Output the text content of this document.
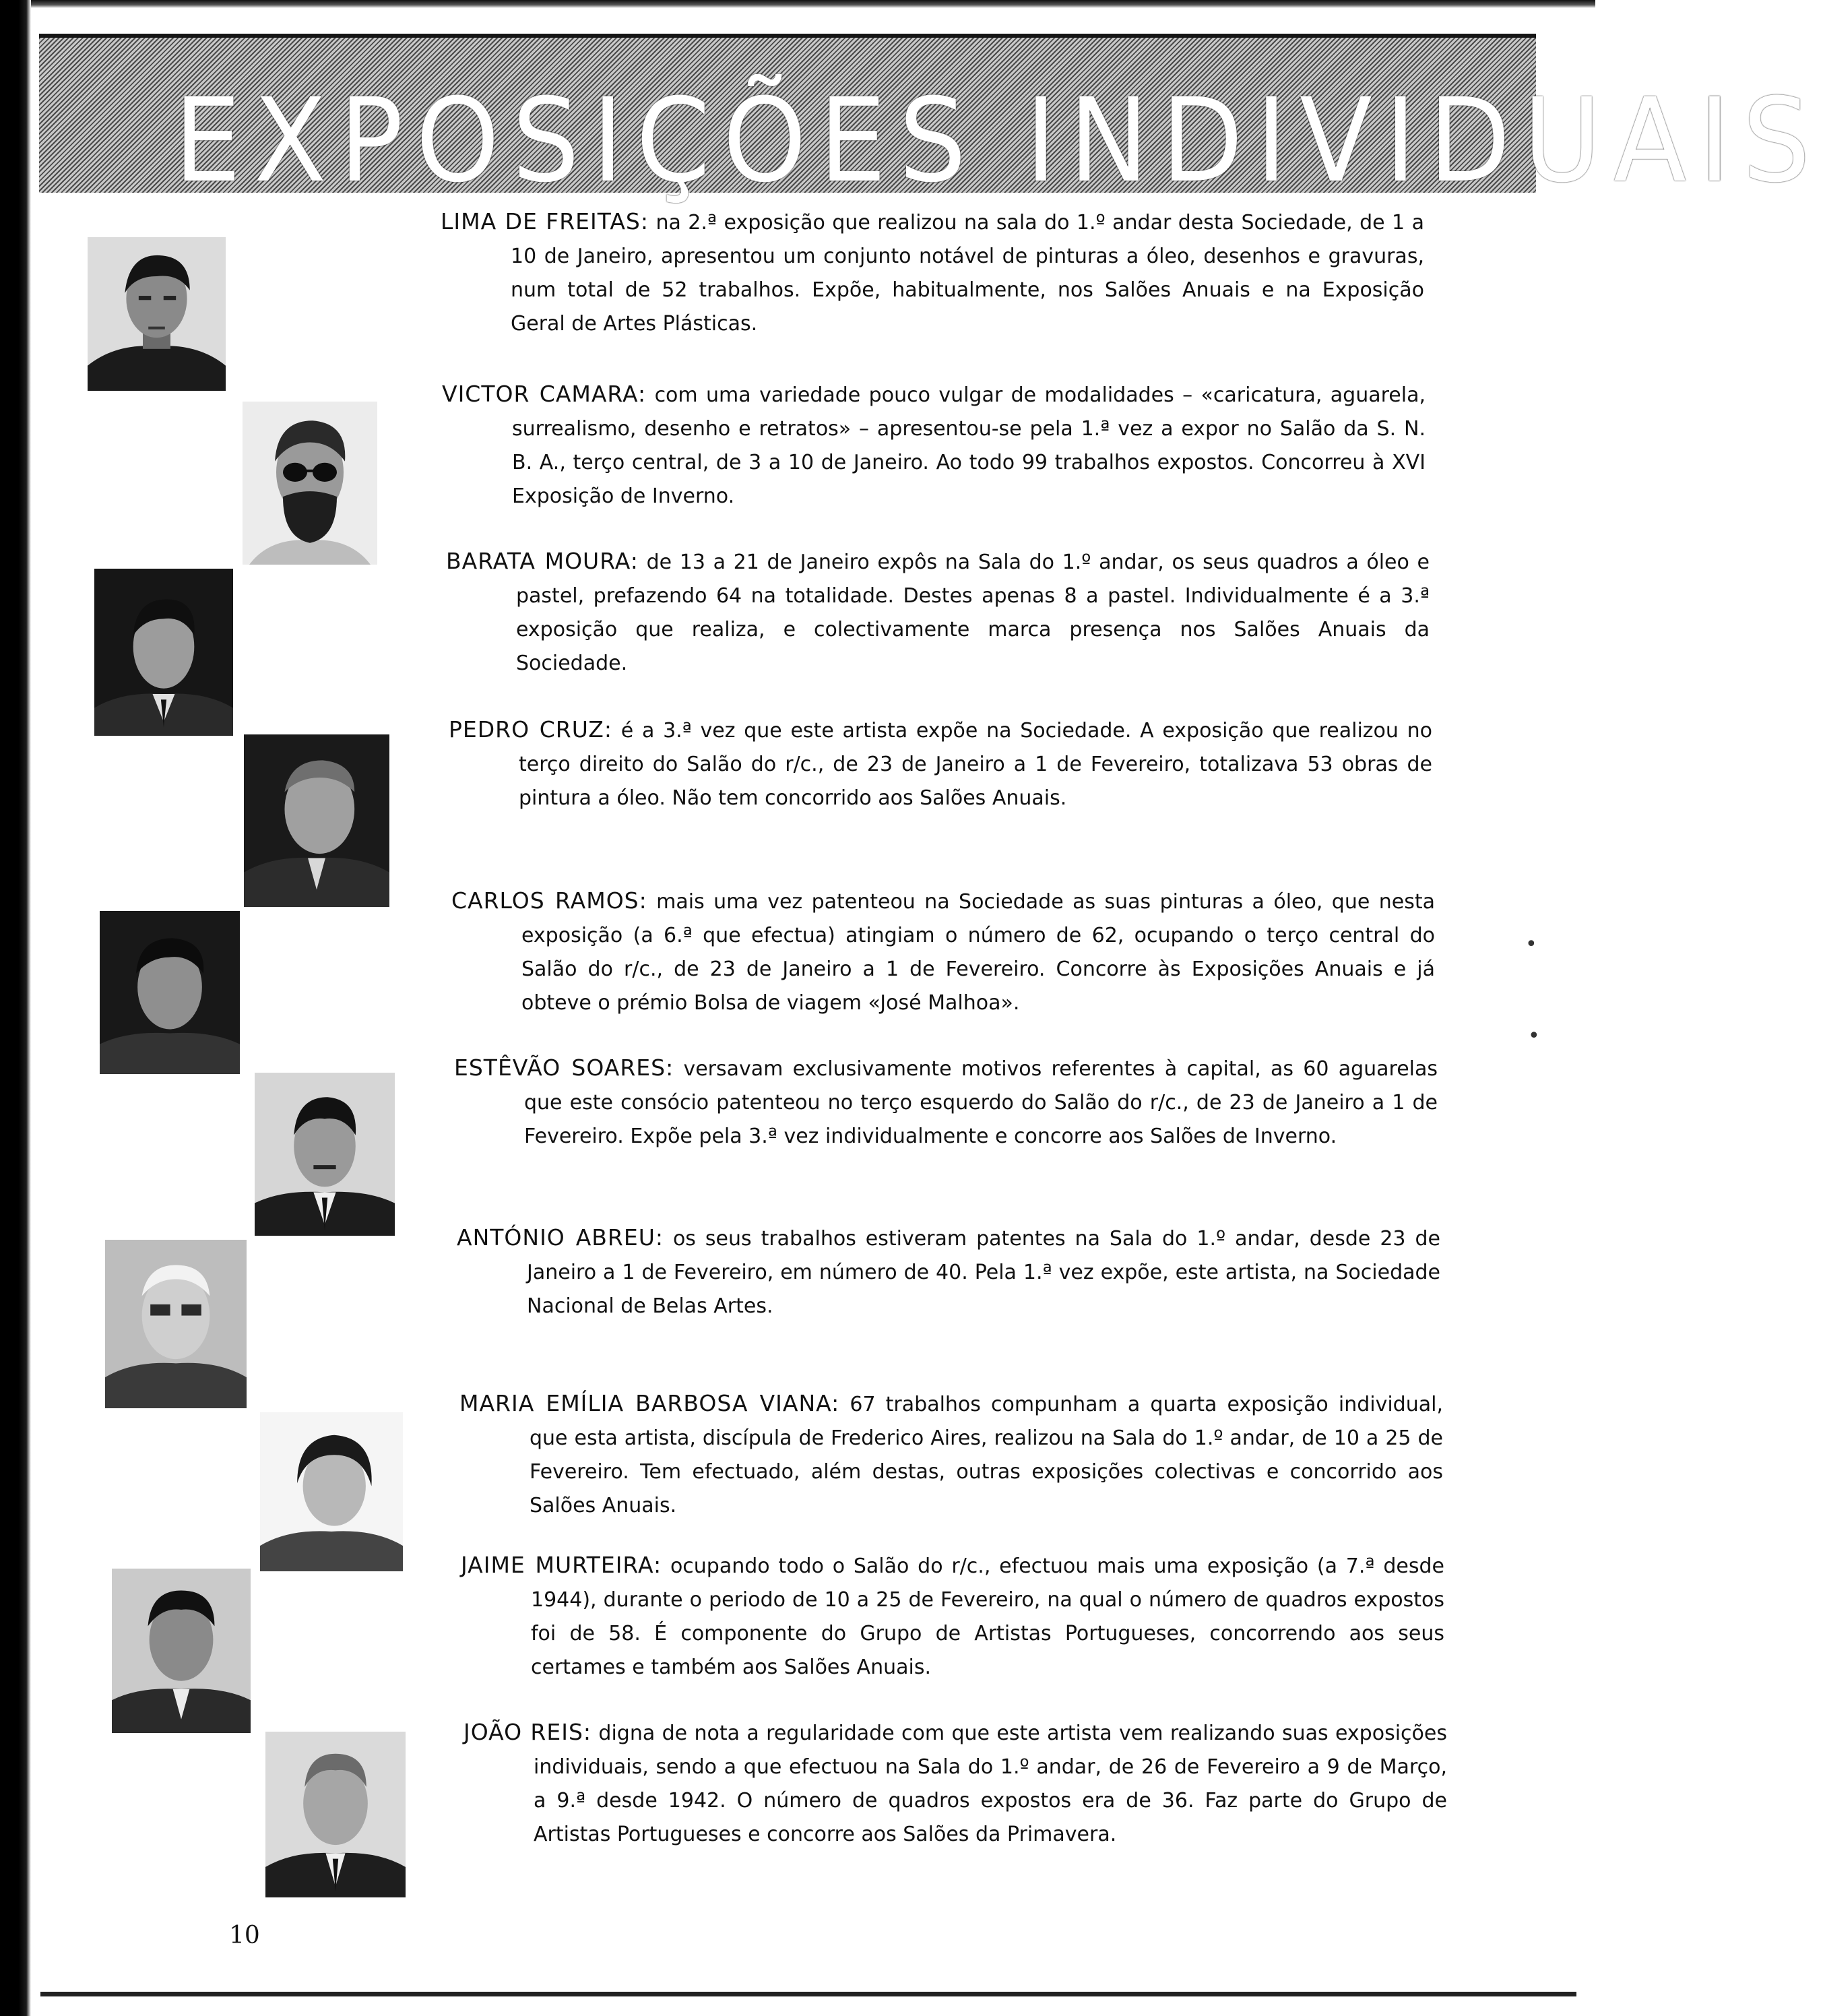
EXPOSIÇÕES INDIVIDUAIS
LIMA DE FREITAS: na 2.ª exposição que realizou na sala do 1.º andar desta Sociedade, de 1 a 10 de Janeiro, apresentou um conjunto notável de pinturas a óleo, desenhos e gravuras, num total de 52 trabalhos. Expõe, habitualmente, nos Salões Anuais e na Exposição Geral de Artes Plásticas.
VICTOR CAMARA: com uma variedade pouco vulgar de modalidades – «caricatura, aguarela, surrealismo, desenho e retratos» – apresentou-se pela 1.ª vez a expor no Salão da S. N. B. A., terço central, de 3 a 10 de Janeiro. Ao todo 99 trabalhos expostos. Concorreu à XVI Exposição de Inverno.
BARATA MOURA: de 13 a 21 de Janeiro expôs na Sala do 1.º andar, os seus quadros a óleo e pastel, prefazendo 64 na totalidade. Destes apenas 8 a pastel. Individualmente é a 3.ª exposição que realiza, e colectivamente marca presença nos Salões Anuais da Sociedade.
PEDRO CRUZ: é a 3.ª vez que este artista expõe na Sociedade. A exposição que realizou no terço direito do Salão do r/c., de 23 de Janeiro a 1 de Fevereiro, totalizava 53 obras de pintura a óleo. Não tem concorrido aos Salões Anuais.
CARLOS RAMOS: mais uma vez patenteou na Sociedade as suas pinturas a óleo, que nesta exposição (a 6.ª que efectua) atingiam o número de 62, ocupando o terço central do Salão do r/c., de 23 de Janeiro a 1 de Fevereiro. Concorre às Exposições Anuais e já obteve o prémio Bolsa de viagem «José Malhoa».
ESTÊVÃO SOARES: versavam exclusivamente motivos referentes à capital, as 60 aguarelas que este consócio patenteou no terço esquerdo do Salão do r/c., de 23 de Janeiro a 1 de Fevereiro. Expõe pela 3.ª vez individualmente e concorre aos Salões de Inverno.
ANTÓNIO ABREU: os seus trabalhos estiveram patentes na Sala do 1.º andar, desde 23 de Janeiro a 1 de Fevereiro, em número de 40. Pela 1.ª vez expõe, este artista, na Sociedade Nacional de Belas Artes.
MARIA EMÍLIA BARBOSA VIANA: 67 trabalhos compunham a quarta exposição individual, que esta artista, discípula de Frederico Aires, realizou na Sala do 1.º andar, de 10 a 25 de Fevereiro. Tem efectuado, além destas, outras exposições colectivas e concorrido aos Salões Anuais.
JAIME MURTEIRA: ocupando todo o Salão do r/c., efectuou mais uma exposição (a 7.ª desde 1944), durante o periodo de 10 a 25 de Fevereiro, na qual o número de quadros expostos foi de 58. É componente do Grupo de Artistas Portugueses, concorrendo aos seus certames e também aos Salões Anuais.
JOÃO REIS: digna de nota a regularidade com que este artista vem realizando suas exposições individuais, sendo a que efectuou na Sala do 1.º andar, de 26 de Fevereiro a 9 de Março, a 9.ª desde 1942. O número de quadros expostos era de 36. Faz parte do Grupo de Artistas Portugueses e concorre aos Salões da Primavera.
•
•
10
